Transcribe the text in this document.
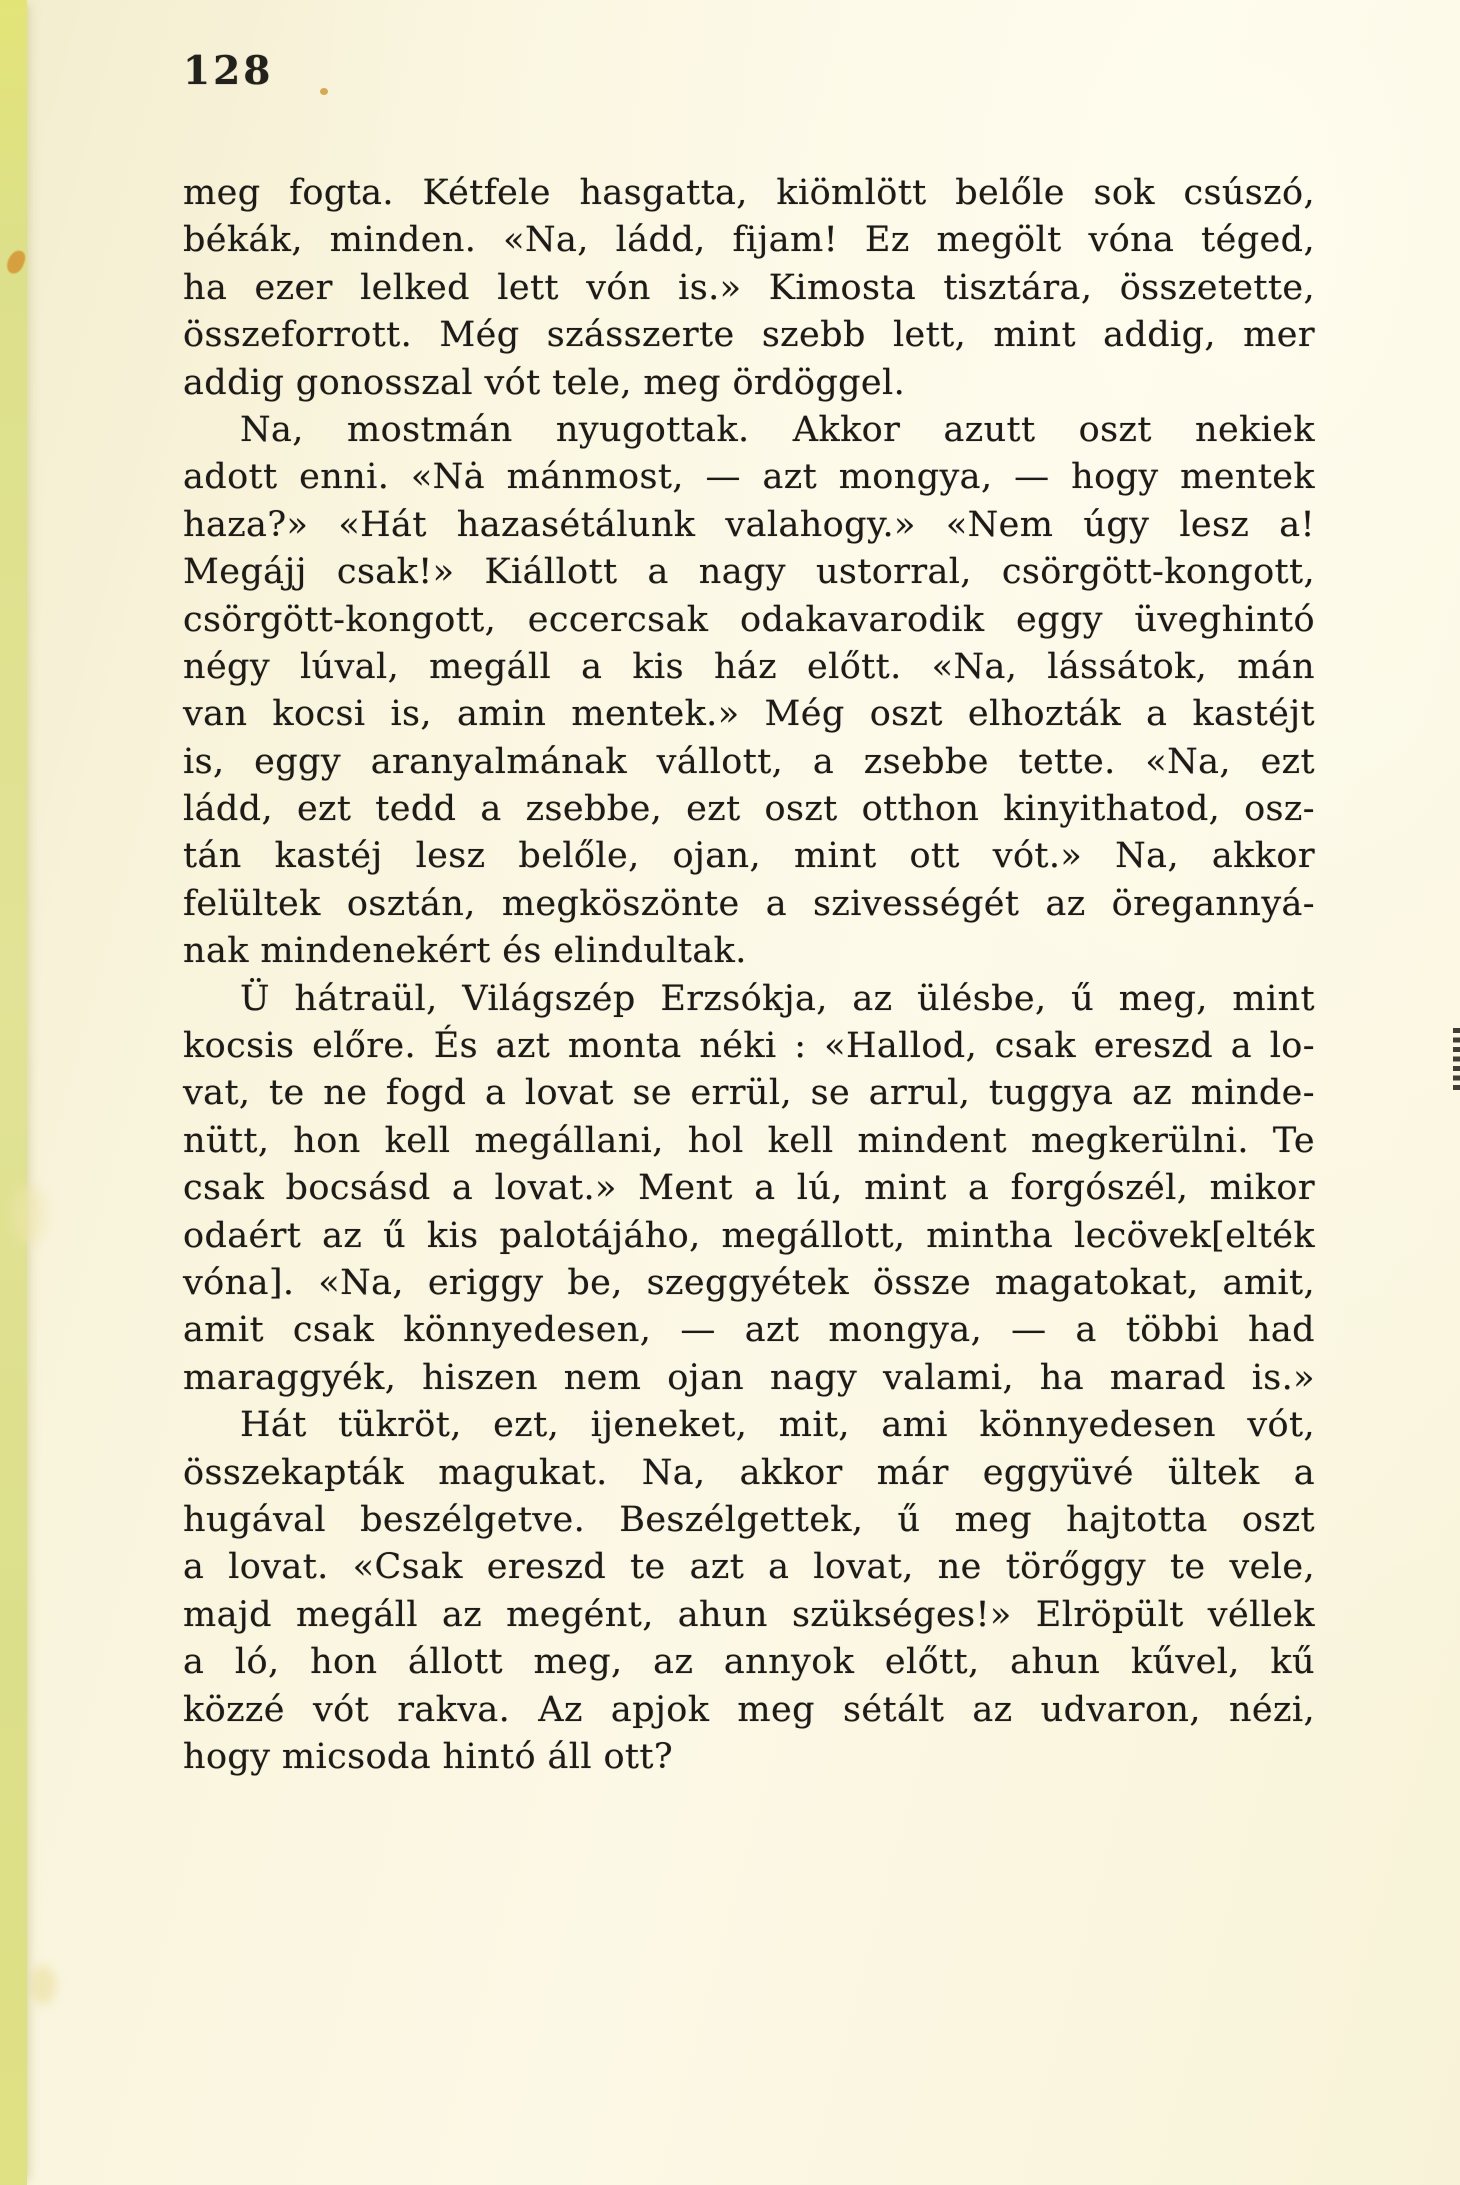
128
meg fogta. Kétfele hasgatta, kiömlött belőle sok csúszó,
békák, minden. «Na, ládd, fijam! Ez megölt vóna téged,
ha ezer lelked lett vón is.» Kimosta tisztára, összetette,
összeforrott. Még szásszerte szebb lett, mint addig, mer
addig gonosszal vót tele, meg ördöggel.
Na, mostmán nyugottak. Akkor azutt oszt nekiek
adott enni. «Nȧ mánmost, — azt mongya, — hogy mentek
haza?» «Hát hazasétálunk valahogy.» «Nem úgy lesz a!
Megájj csak!» Kiállott a nagy ustorral, csörgött-kongott,
csörgött-kongott, eccercsak odakavarodik eggy üveghintó
négy lúval, megáll a kis ház előtt. «Na, lássátok, mán
van kocsi is, amin mentek.» Még oszt elhozták a kastéjt
is, eggy aranyalmának vállott, a zsebbe tette. «Na, ezt
ládd, ezt tedd a zsebbe, ezt oszt otthon kinyithatod, osz-
tán kastéj lesz belőle, ojan, mint ott vót.» Na, akkor
felültek osztán, megköszönte a szivességét az öregannyá-
nak mindenekért és elindultak.
Ü hátraül, Világszép Erzsókja, az ülésbe, ű meg, mint
kocsis előre. És azt monta néki : «Hallod, csak ereszd a lo-
vat, te ne fogd a lovat se errül, se arrul, tuggya az minde-
nütt, hon kell megállani, hol kell mindent megkerülni. Te
csak bocsásd a lovat.» Ment a lú, mint a forgószél, mikor
odaért az ű kis palotájáho, megállott, mintha lecövek[elték
vóna]. «Na, eriggy be, szeggyétek össze magatokat, amit,
amit csak könnyedesen, — azt mongya, — a többi had
maraggyék, hiszen nem ojan nagy valami, ha marad is.»
Hát tükröt, ezt, ijeneket, mit, ami könnyedesen vót,
összekapták magukat. Na, akkor már eggyüvé ültek a
hugával beszélgetve. Beszélgettek, ű meg hajtotta oszt
a lovat. «Csak ereszd te azt a lovat, ne törőggy te vele,
majd megáll az megént, ahun szükséges!» Elröpült véllek
a ló, hon állott meg, az annyok előtt, ahun kűvel, kű
közzé vót rakva. Az apjok meg sétált az udvaron, nézi,
hogy micsoda hintó áll ott?
